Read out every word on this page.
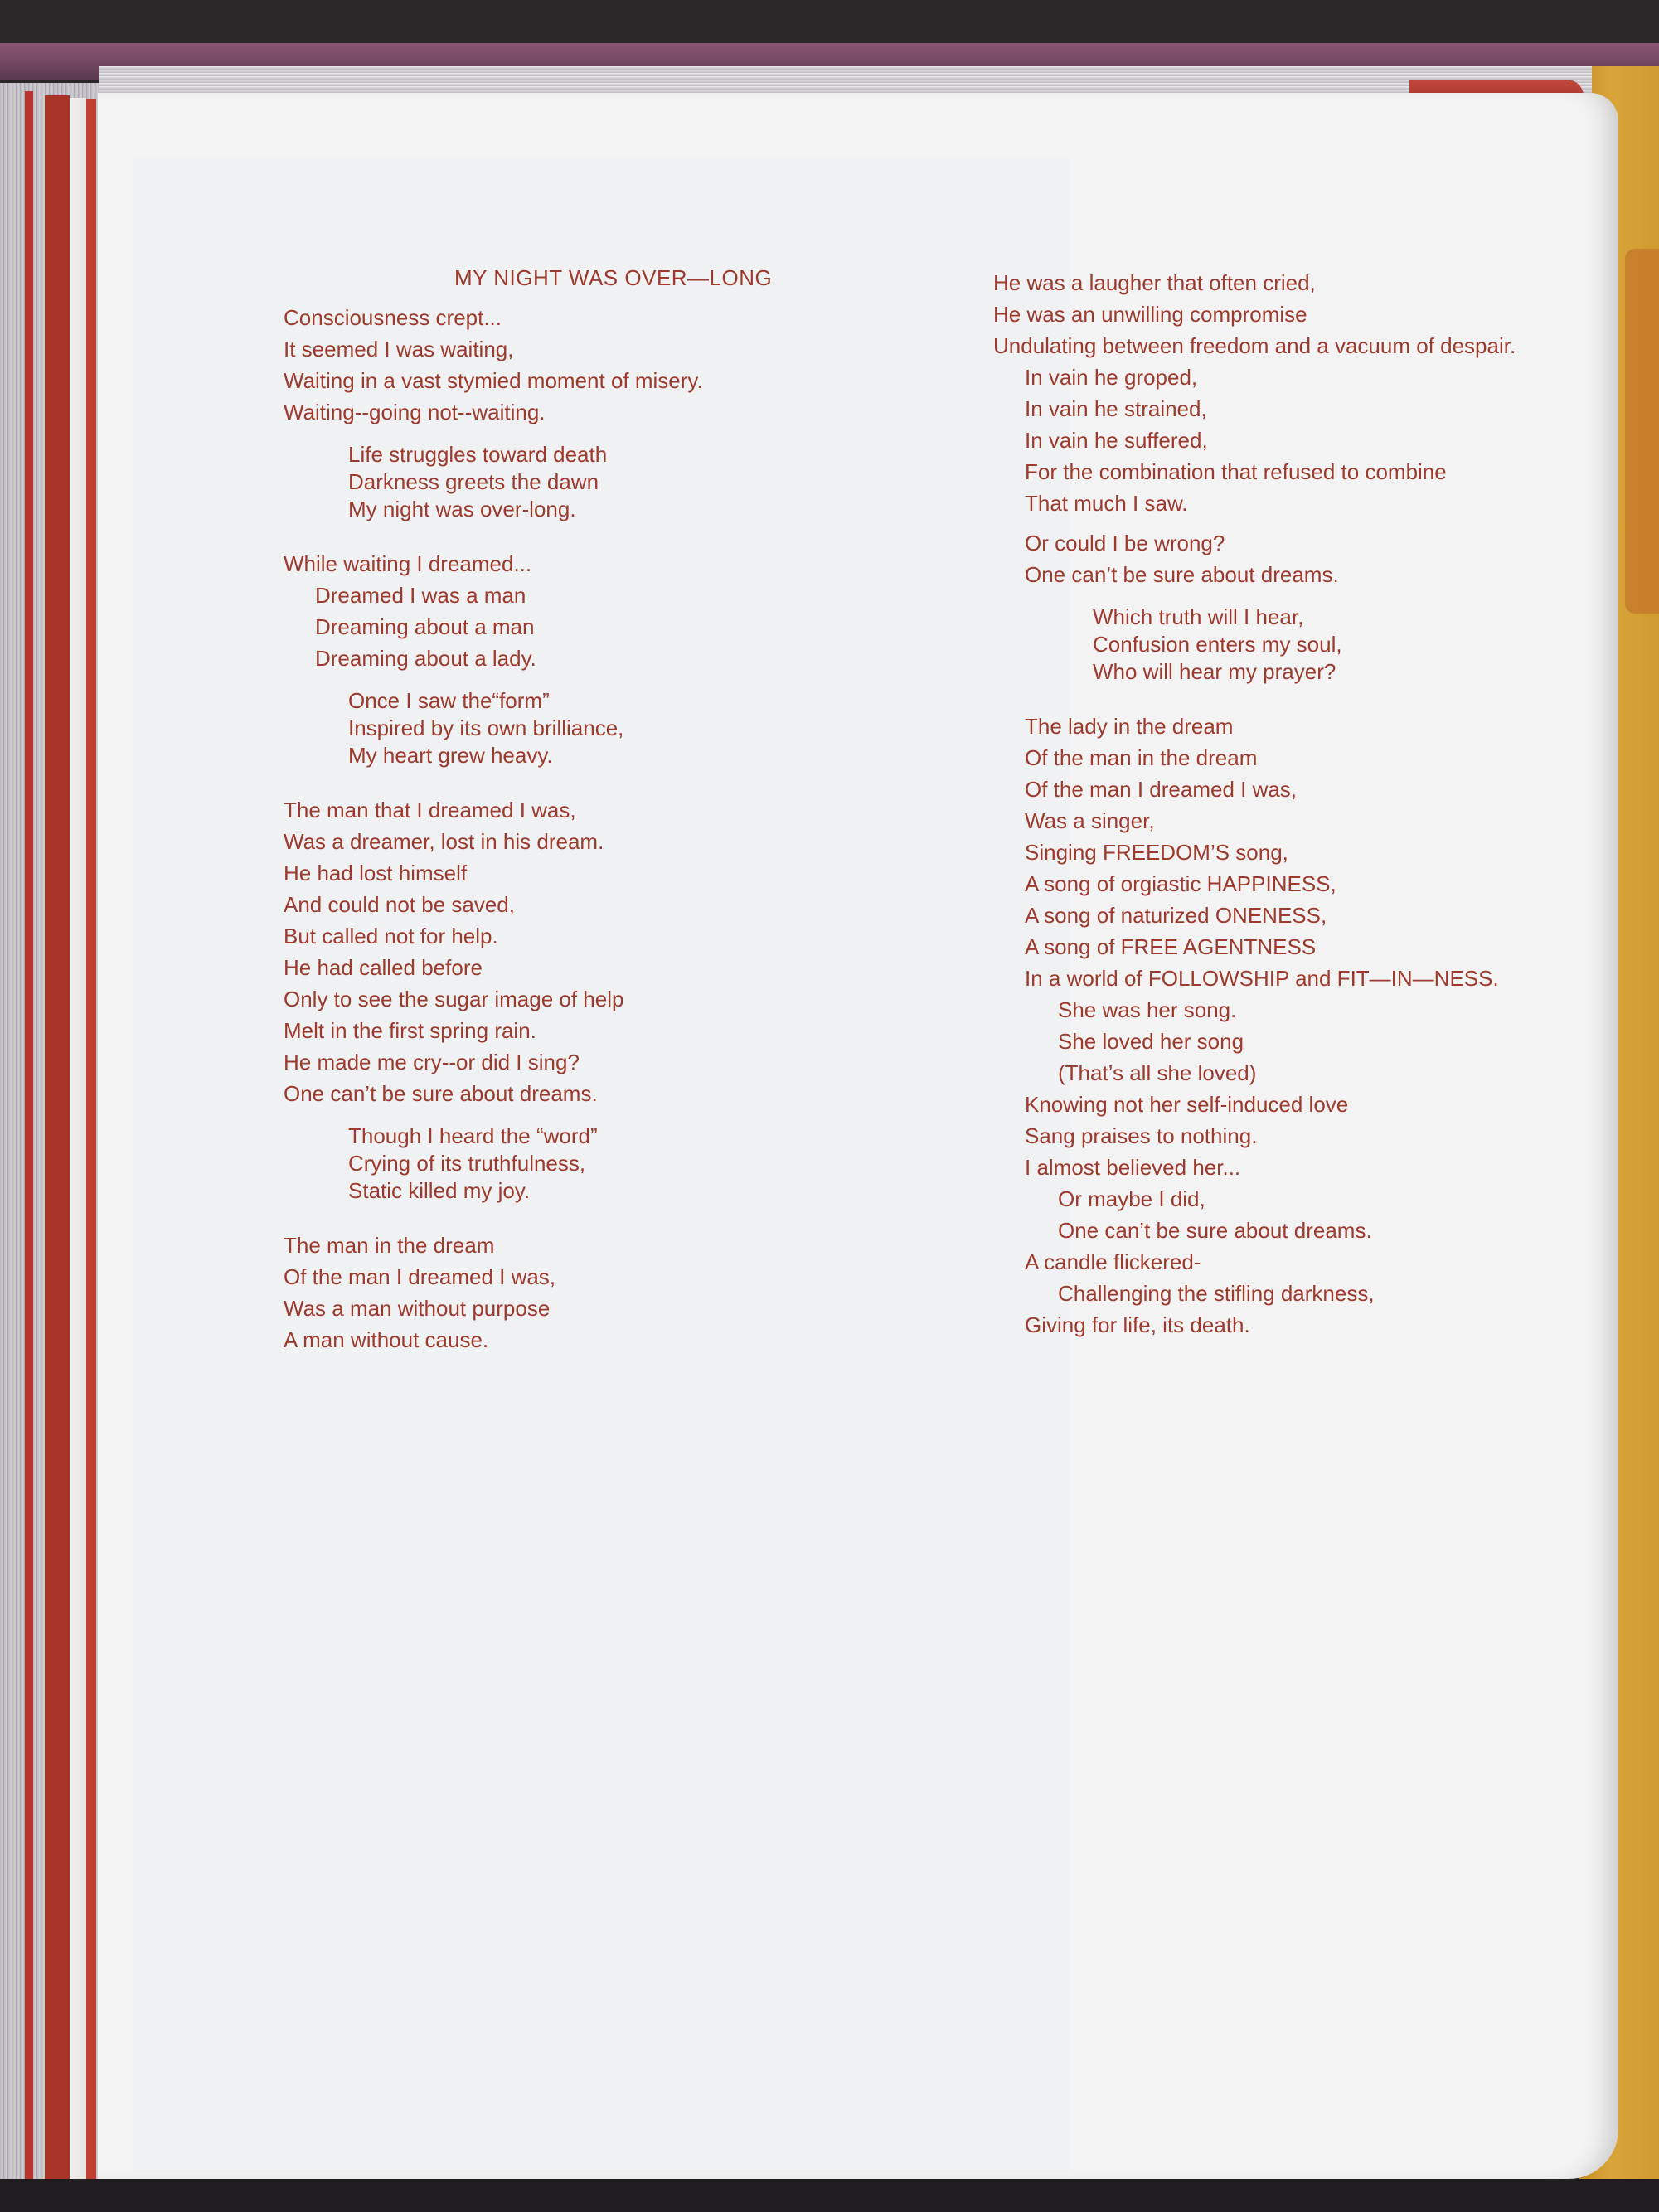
MY NIGHT WAS OVER—LONG
Consciousness crept...
It seemed I was waiting,
Waiting in a vast stymied moment of misery.
Waiting--going not--waiting.
Life struggles toward death
Darkness greets the dawn
My night was over-long.
While waiting I dreamed...
Dreamed I was a man
Dreaming about a man
Dreaming about a lady.
Once I saw the“form”
Inspired by its own brilliance,
My heart grew heavy.
The man that I dreamed I was,
Was a dreamer, lost in his dream.
He had lost himself
And could not be saved,
But called not for help.
He had called before
Only to see the sugar image of help
Melt in the first spring rain.
He made me cry--or did I sing?
One can’t be sure about dreams.
Though I heard the “word”
Crying of its truthfulness,
Static killed my joy.
The man in the dream
Of the man I dreamed I was,
Was a man without purpose
A man without cause.
He was a laugher that often cried,
He was an unwilling compromise
Undulating between freedom and a vacuum of despair.
In vain he groped,
In vain he strained,
In vain he suffered,
For the combination that refused to combine
That much I saw.
Or could I be wrong?
One can’t be sure about dreams.
Which truth will I hear,
Confusion enters my soul,
Who will hear my prayer?
The lady in the dream
Of the man in the dream
Of the man I dreamed I was,
Was a singer,
Singing FREEDOM’S song,
A song of orgiastic HAPPINESS,
A song of naturized ONENESS,
A song of FREE AGENTNESS
In a world of FOLLOWSHIP and FIT—IN—NESS.
She was her song.
She loved her song
(That’s all she loved)
Knowing not her self-induced love
Sang praises to nothing.
I almost believed her...
Or maybe I did,
One can’t be sure about dreams.
A candle flickered-
Challenging the stifling darkness,
Giving for life, its death.
